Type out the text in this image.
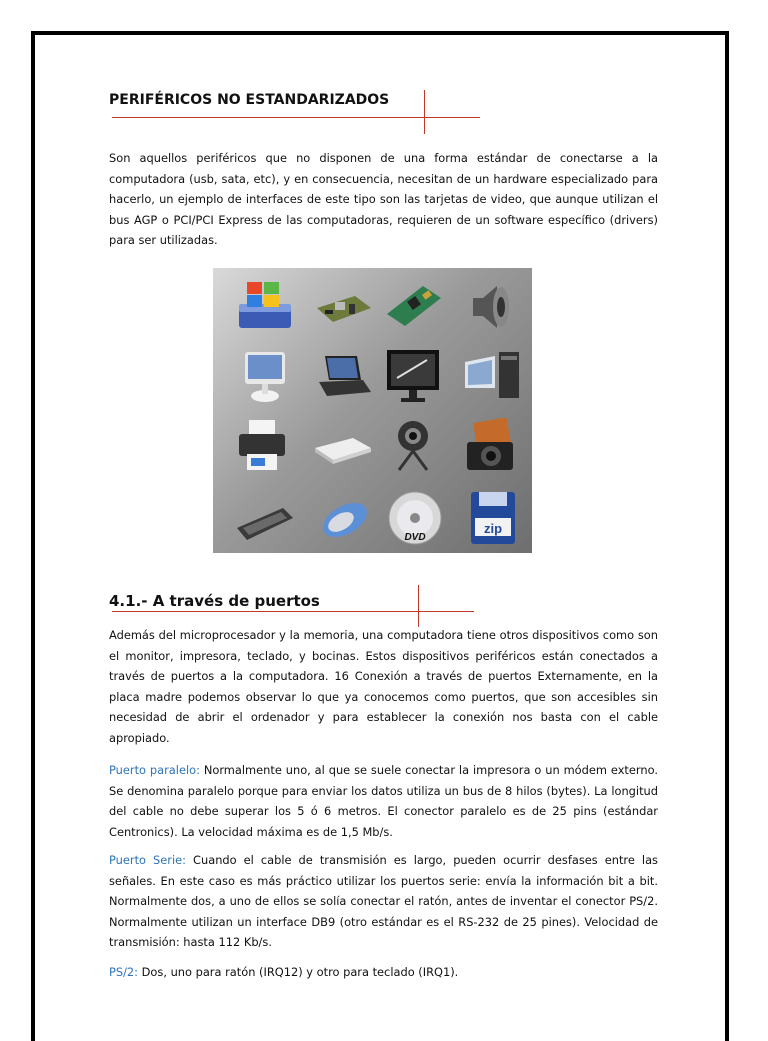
PERIFÉRICOS NO ESTANDARIZADOS

Son aquellos periféricos que no disponen de una forma estándar de conectarse a la computadora (usb, sata, etc), y en consecuencia, necesitan de un hardware especializado para hacerlo, un ejemplo de interfaces de este tipo son las tarjetas de video, que aunque utilizan el bus AGP o PCI/PCI Express de las computadoras, requieren de un software específico (drivers) para ser utilizadas.

DVD
zip
4.1.- A través de puertos

Además del microprocesador y la memoria, una computadora tiene otros dispositivos como son el monitor, impresora, teclado, y bocinas. Estos dispositivos periféricos están conectados a través de puertos a la computadora. 16 Conexión a través de puertos Externamente, en la placa madre podemos observar lo que ya conocemos como puertos, que son accesibles sin necesidad de abrir el ordenador y para establecer la conexión nos basta con el cable apropiado.

Puerto paralelo: Normalmente uno, al que se suele conectar la impresora o un módem externo. Se denomina paralelo porque para enviar los datos utiliza un bus de 8 hilos (bytes). La longitud del cable no debe superar los 5 ó 6 metros. El conector paralelo es de 25 pins (estándar Centronics). La velocidad máxima es de 1,5 Mb/s.

Puerto Serie: Cuando el cable de transmisión es largo, pueden ocurrir desfases entre las señales. En este caso es más práctico utilizar los puertos serie: envía la información bit a bit. Normalmente dos, a uno de ellos se solía conectar el ratón, antes de inventar el conector PS/2. Normalmente utilizan un interface DB9 (otro estándar es el RS-232 de 25 pines). Velocidad de transmisión: hasta 112 Kb/s.

PS/2: Dos, uno para ratón (IRQ12) y otro para teclado (IRQ1).
